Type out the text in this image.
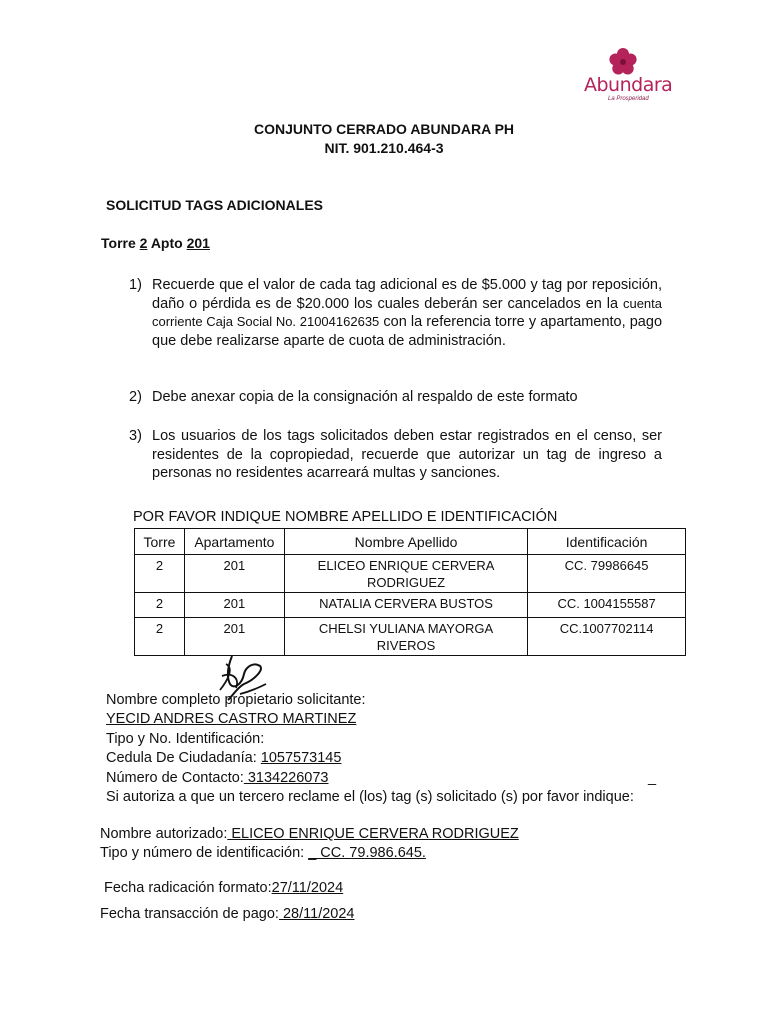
Abundara
La Prosperidad
CONJUNTO CERRADO ABUNDARA PH
NIT. 901.210.464-3
SOLICITUD TAGS ADICIONALES
Torre 2 Apto 201
1) Recuerde que el valor de cada tag adicional es de $5.000 y tag por reposición, daño o pérdida es de $20.000 los cuales deberán ser cancelados en la cuenta corriente Caja Social No. 21004162635 con la referencia torre y apartamento, pago que debe realizarse aparte de cuota de administración.
2) Debe anexar copia de la consignación al respaldo de este formato
3) Los usuarios de los tags solicitados deben estar registrados en el censo, ser residentes de la copropiedad, recuerde que autorizar un tag de ingreso a personas no residentes acarreará multas y sanciones.
POR FAVOR INDIQUE NOMBRE APELLIDO E IDENTIFICACIÓN
Torre	Apartamento	Nombre Apellido	Identificación
2	201	ELICEO ENRIQUE CERVERA RODRIGUEZ	CC. 79986645
2	201	NATALIA CERVERA BUSTOS	CC. 1004155587
2	201	CHELSI YULIANA MAYORGA RIVEROS	CC.1007702114
Nombre completo propietario solicitante:
YECID ANDRES CASTRO MARTINEZ
Tipo y No. Identificación:
Cedula De Ciudadanía: 1057573145
Número de Contacto: 3134226073	_
Si autoriza a que un tercero reclame el (los) tag (s) solicitado (s) por favor indique:
Nombre autorizado: ELICEO ENRIQUE CERVERA RODRIGUEZ
Tipo y número de identificación: _ CC. 79.986.645.
Fecha radicación formato:27/11/2024
Fecha transacción de pago: 28/11/2024
